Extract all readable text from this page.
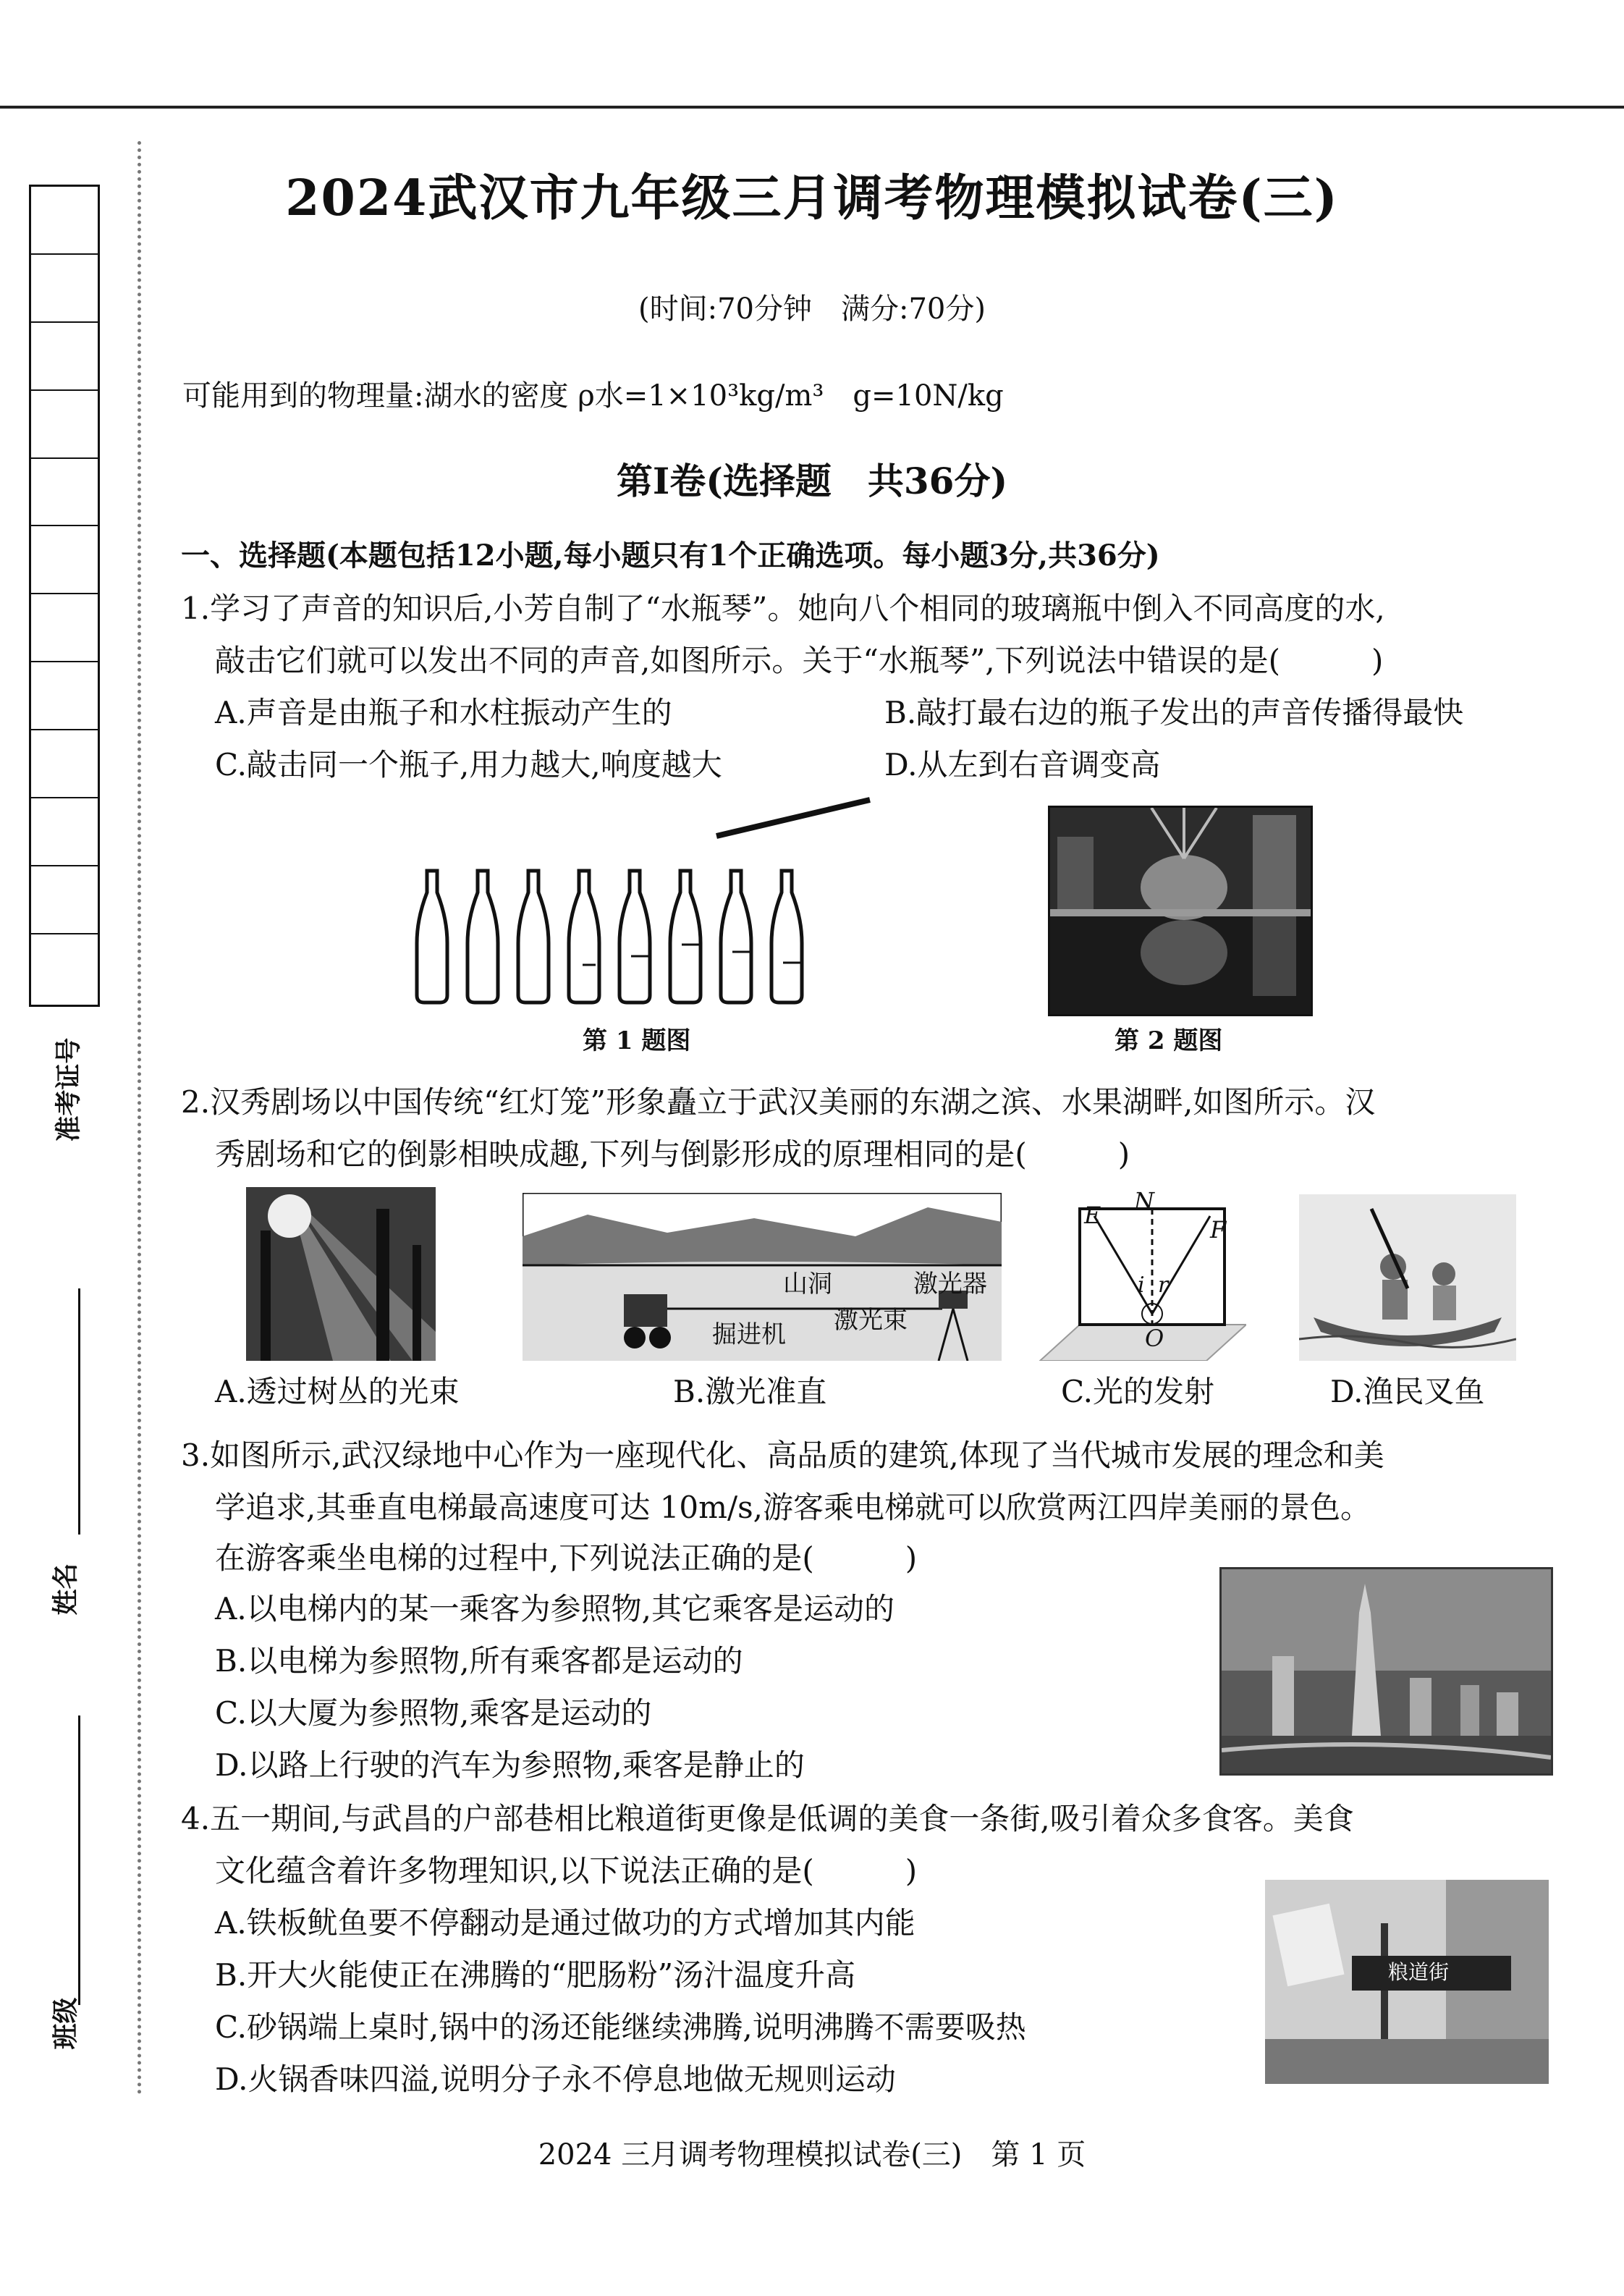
准考证号
姓名
班级
2024武汉市九年级三月调考物理模拟试卷(三)
(时间:70分钟　满分:70分)
可能用到的物理量:湖水的密度 ρ水=1×10³kg/m³　g=10N/kg
第Ⅰ卷(选择题　共36分)
一、选择题(本题包括12小题,每小题只有1个正确选项。每小题3分,共36分)
1.学习了声音的知识后,小芳自制了“水瓶琴”。她向八个相同的玻璃瓶中倒入不同高度的水,
敲击它们就可以发出不同的声音,如图所示。关于“水瓶琴”,下列说法中错误的是(　　　)
A.声音是由瓶子和水柱振动产生的	B.敲打最右边的瓶子发出的声音传播得最快
C.敲击同一个瓶子,用力越大,响度越大	D.从左到右音调变高
第 1 题图	第 2 题图
2.汉秀剧场以中国传统“红灯笼”形象矗立于武汉美丽的东湖之滨、水果湖畔,如图所示。汉
秀剧场和它的倒影相映成趣,下列与倒影形成的原理相同的是(　　　)
A.透过树丛的光束
山洞	激光器
激光束
掘进机
B.激光准直
E
N
F
i r
O
C.光的发射	D.渔民叉鱼
3.如图所示,武汉绿地中心作为一座现代化、高品质的建筑,体现了当代城市发展的理念和美
学追求,其垂直电梯最高速度可达 10m/s,游客乘电梯就可以欣赏两江四岸美丽的景色。
在游客乘坐电梯的过程中,下列说法正确的是(　　　)
A.以电梯内的某一乘客为参照物,其它乘客是运动的
B.以电梯为参照物,所有乘客都是运动的
C.以大厦为参照物,乘客是运动的
D.以路上行驶的汽车为参照物,乘客是静止的
4.五一期间,与武昌的户部巷相比粮道街更像是低调的美食一条街,吸引着众多食客。美食
文化蕴含着许多物理知识,以下说法正确的是(　　　)
A.铁板鱿鱼要不停翻动是通过做功的方式增加其内能
B.开大火能使正在沸腾的“肥肠粉”汤汁温度升高
C.砂锅端上桌时,锅中的汤还能继续沸腾,说明沸腾不需要吸热
D.火锅香味四溢,说明分子永不停息地做无规则运动
粮道街
2024 三月调考物理模拟试卷(三)　第 1 页
